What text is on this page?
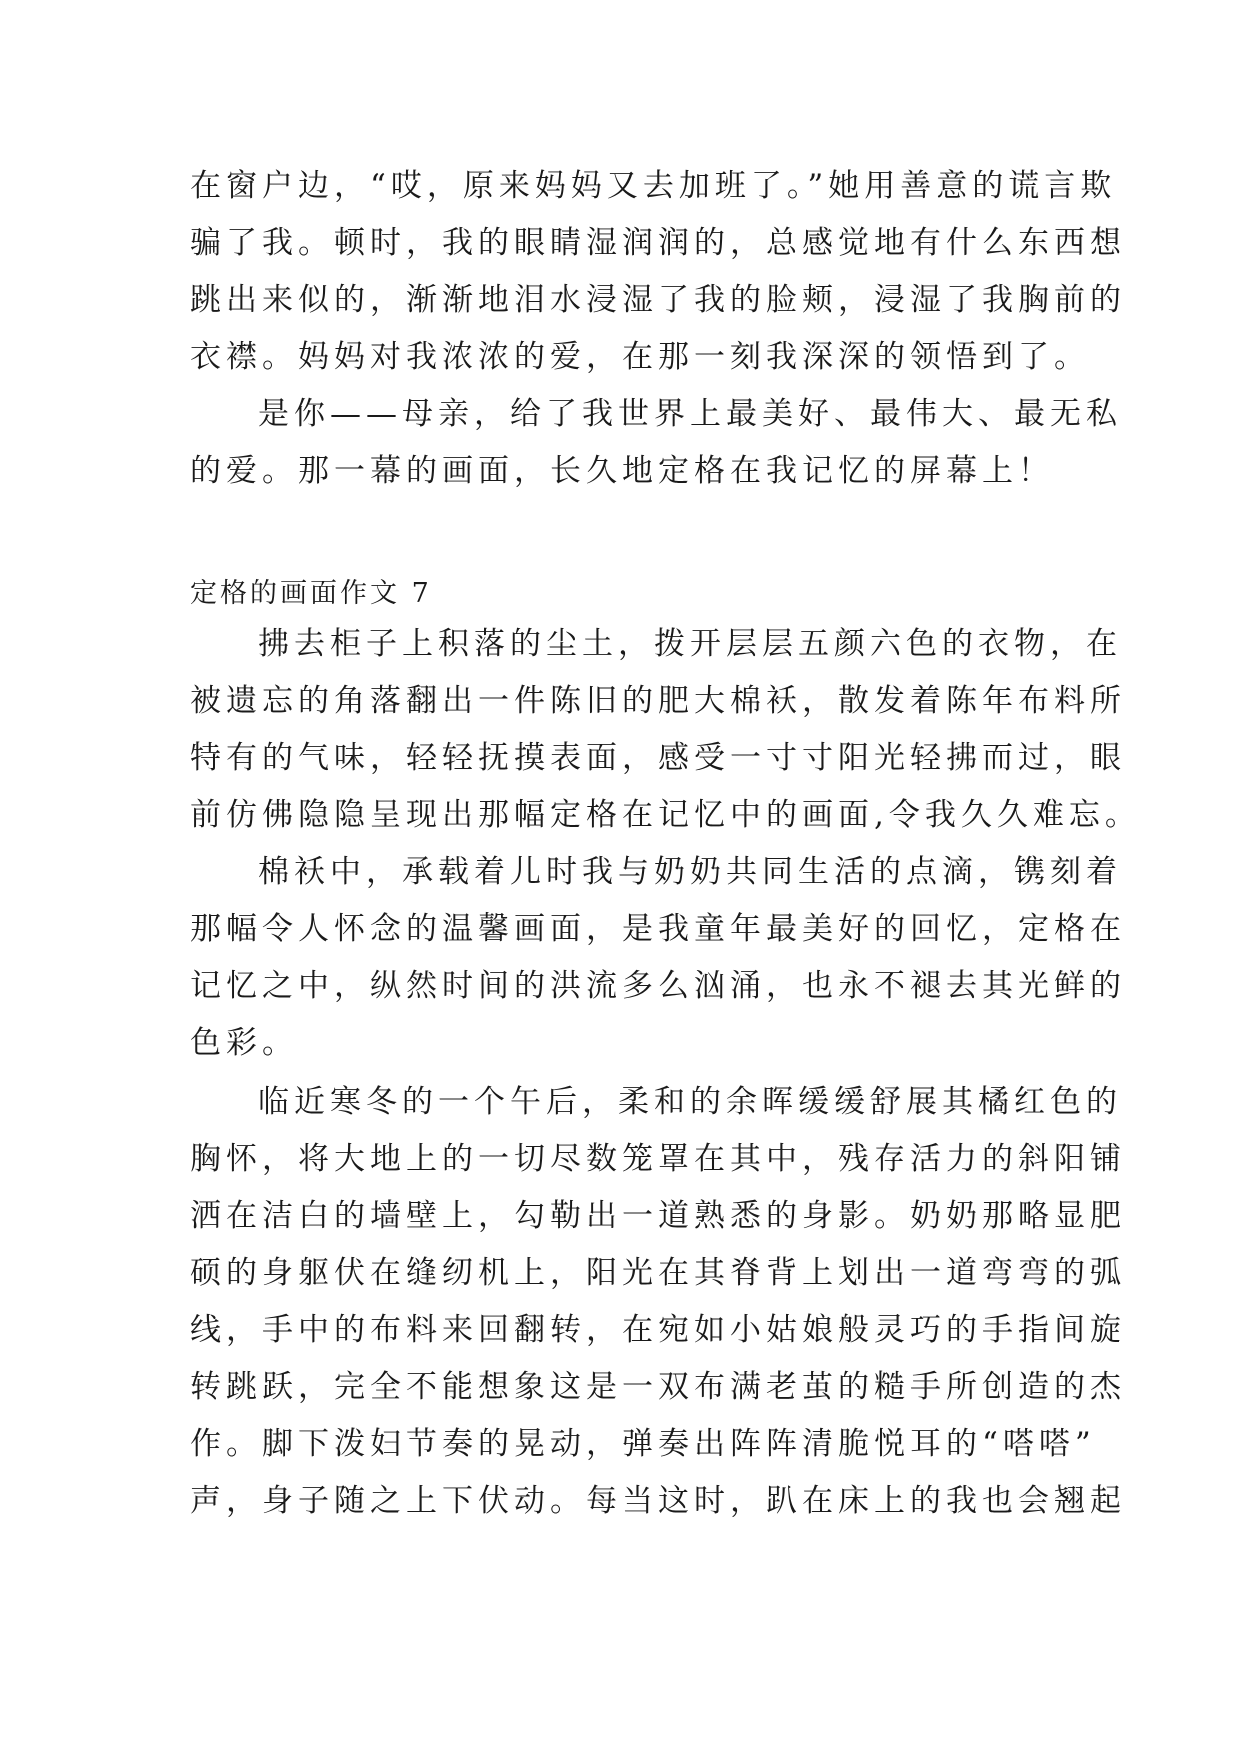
在窗户边，“哎，原来妈妈又去加班了。”她用善意的谎言欺
骗了我。顿时，我的眼睛湿润润的，总感觉地有什么东西想
跳出来似的，渐渐地泪水浸湿了我的脸颊，浸湿了我胸前的
衣襟。妈妈对我浓浓的爱，在那一刻我深深的领悟到了。
是你——母亲，给了我世界上最美好、最伟大、最无私
的爱。那一幕的画面，长久地定格在我记忆的屏幕上！
定格的画面作文 7
拂去柜子上积落的尘土，拨开层层五颜六色的衣物，在
被遗忘的角落翻出一件陈旧的肥大棉袄，散发着陈年布料所
特有的气味，轻轻抚摸表面，感受一寸寸阳光轻拂而过，眼
前仿佛隐隐呈现出那幅定格在记忆中的画面,令我久久难忘。
棉袄中，承载着儿时我与奶奶共同生活的点滴，镌刻着
那幅令人怀念的温馨画面，是我童年最美好的回忆，定格在
记忆之中，纵然时间的洪流多么汹涌，也永不褪去其光鲜的
色彩。
临近寒冬的一个午后，柔和的余晖缓缓舒展其橘红色的
胸怀，将大地上的一切尽数笼罩在其中，残存活力的斜阳铺
洒在洁白的墙壁上，勾勒出一道熟悉的身影。奶奶那略显肥
硕的身躯伏在缝纫机上，阳光在其脊背上划出一道弯弯的弧
线，手中的布料来回翻转，在宛如小姑娘般灵巧的手指间旋
转跳跃，完全不能想象这是一双布满老茧的糙手所创造的杰
作。脚下泼妇节奏的晃动，弹奏出阵阵清脆悦耳的“嗒嗒”
声，身子随之上下伏动。每当这时，趴在床上的我也会翘起
